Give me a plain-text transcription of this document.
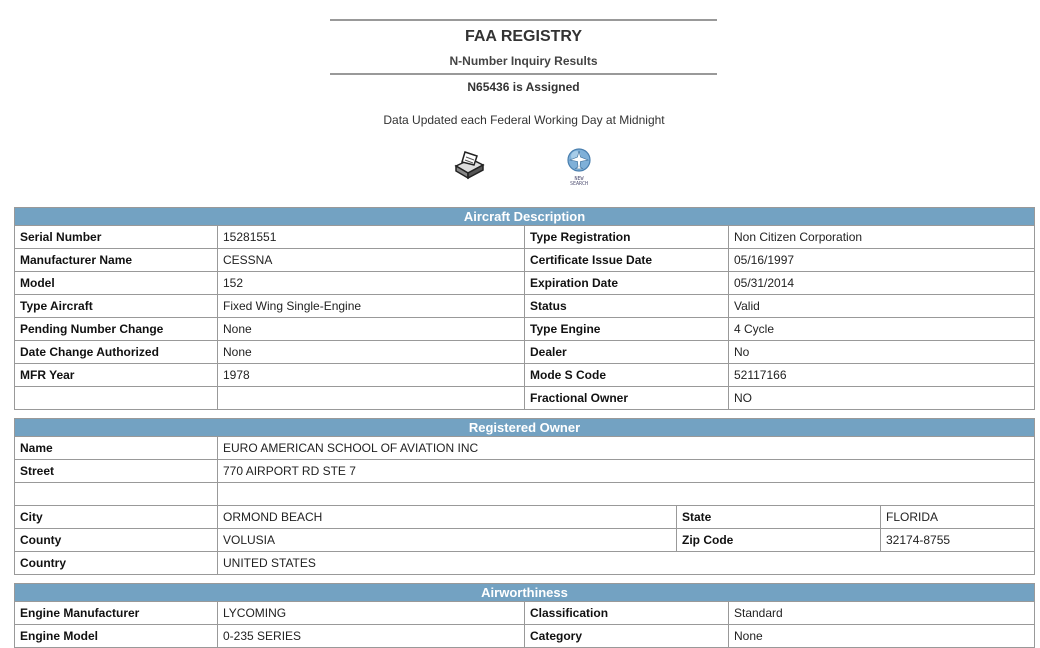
FAA REGISTRY
N-Number Inquiry Results
N65436 is Assigned
Data Updated each Federal Working Day at Midnight
NEW
SEARCH
Aircraft Description			
Serial Number	15281551	Type Registration	Non Citizen Corporation
Manufacturer Name	CESSNA	Certificate Issue Date	05/16/1997
Model	152	Expiration Date	05/31/2014
Type Aircraft	Fixed Wing Single-Engine	Status	Valid
Pending Number Change	None	Type Engine	4 Cycle
Date Change Authorized	None	Dealer	No
MFR Year	1978	Mode S Code	52117166
		Fractional Owner	NO
Registered Owner			
Name	EURO AMERICAN SCHOOL OF AVIATION INC		
Street	770 AIRPORT RD STE 7		

City	ORMOND BEACH	State	FLORIDA
County	VOLUSIA	Zip Code	32174-8755
Country	UNITED STATES		
Airworthiness			
Engine Manufacturer	LYCOMING	Classification	Standard
Engine Model	0-235 SERIES	Category	None
